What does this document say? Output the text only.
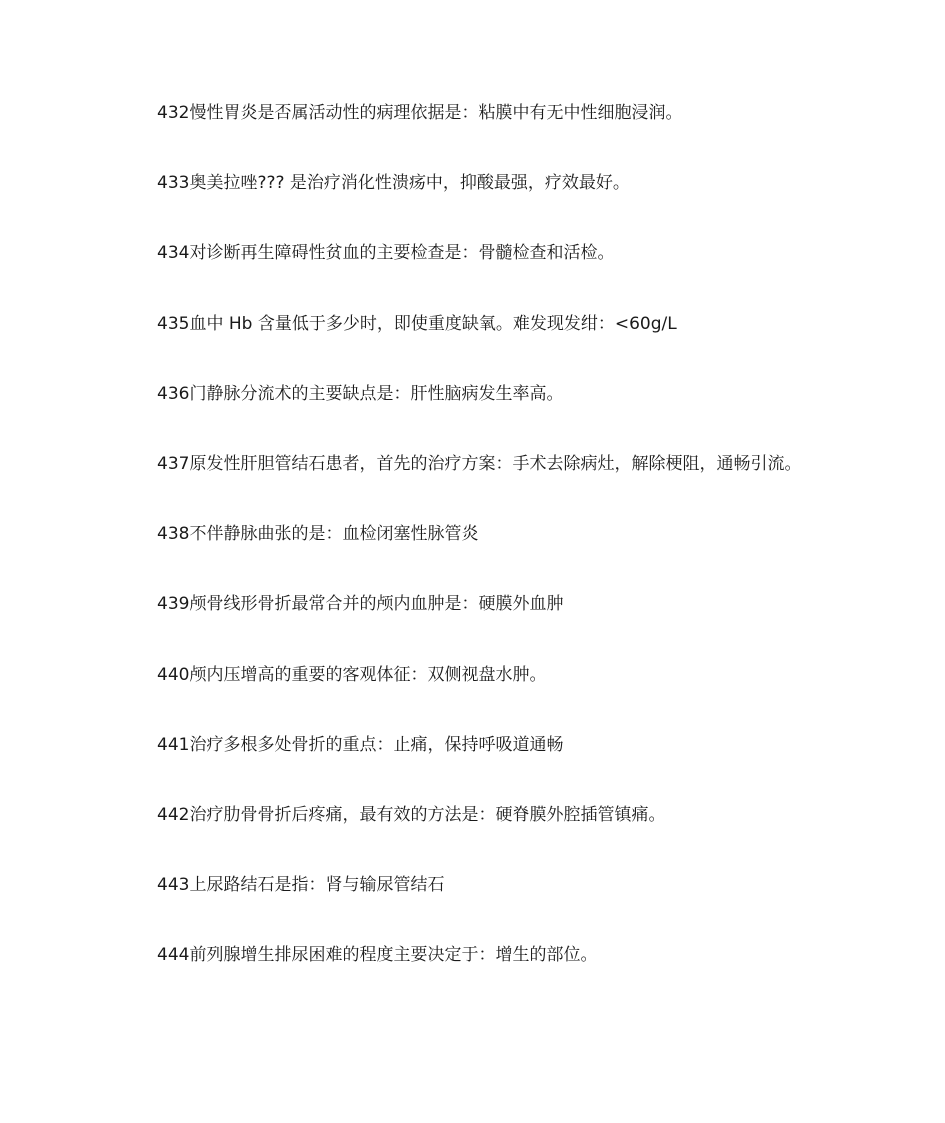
432慢性胃炎是否属活动性的病理依据是：粘膜中有无中性细胞浸润。
433奥美拉唑??? 是治疗消化性溃疡中，抑酸最强，疗效最好。
434对诊断再生障碍性贫血的主要检查是：骨髓检查和活检。
435血中 Hb 含量低于多少时，即使重度缺氧。难发现发绀：<60g/L
436门静脉分流术的主要缺点是：肝性脑病发生率高。
437原发性肝胆管结石患者，首先的治疗方案：手术去除病灶，解除梗阻，通畅引流。
438不伴静脉曲张的是：血检闭塞性脉管炎
439颅骨线形骨折最常合并的颅内血肿是：硬膜外血肿
440颅内压增高的重要的客观体征：双侧视盘水肿。
441治疗多根多处骨折的重点：止痛，保持呼吸道通畅
442治疗肋骨骨折后疼痛，最有效的方法是：硬脊膜外腔插管镇痛。
443上尿路结石是指：肾与输尿管结石
444前列腺增生排尿困难的程度主要决定于：增生的部位。
